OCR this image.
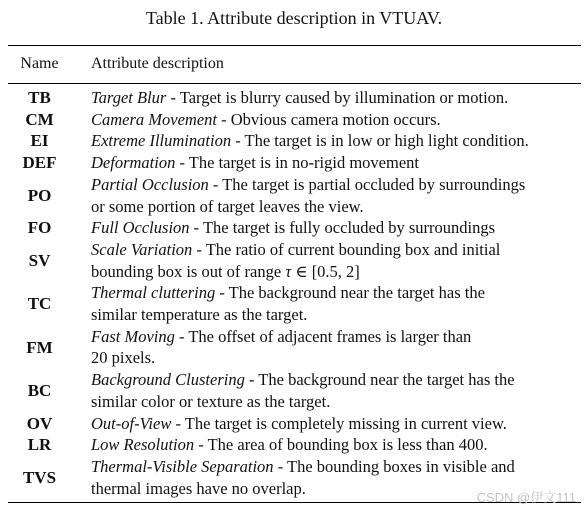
Table 1. Attribute description in VTUAV.
Name	Attribute description
TB	Target Blur - Target is blurry caused by illumination or motion.
CM	Camera Movement - Obvious camera motion occurs.
EI	Extreme Illumination - The target is in low or high light condition.
DEF	Deformation - The target is in no-rigid movement
PO	Partial Occlusion - The target is partial occluded by surroundings
or some portion of target leaves the view.
FO	Full Occlusion - The target is fully occluded by surroundings
SV	Scale Variation - The ratio of current bounding box and initial
bounding box is out of range τ ∈ [0.5, 2]
TC	Thermal cluttering - The background near the target has the
similar temperature as the target.
FM	Fast Moving - The offset of adjacent frames is larger than
20 pixels.
BC	Background Clustering - The background near the target has the
similar color or texture as the target.
OV	Out-of-View - The target is completely missing in current view.
LR	Low Resolution - The area of bounding box is less than 400.
TVS	Thermal-Visible Separation - The bounding boxes in visible and
thermal images have no overlap.	CSDN @伊文111
